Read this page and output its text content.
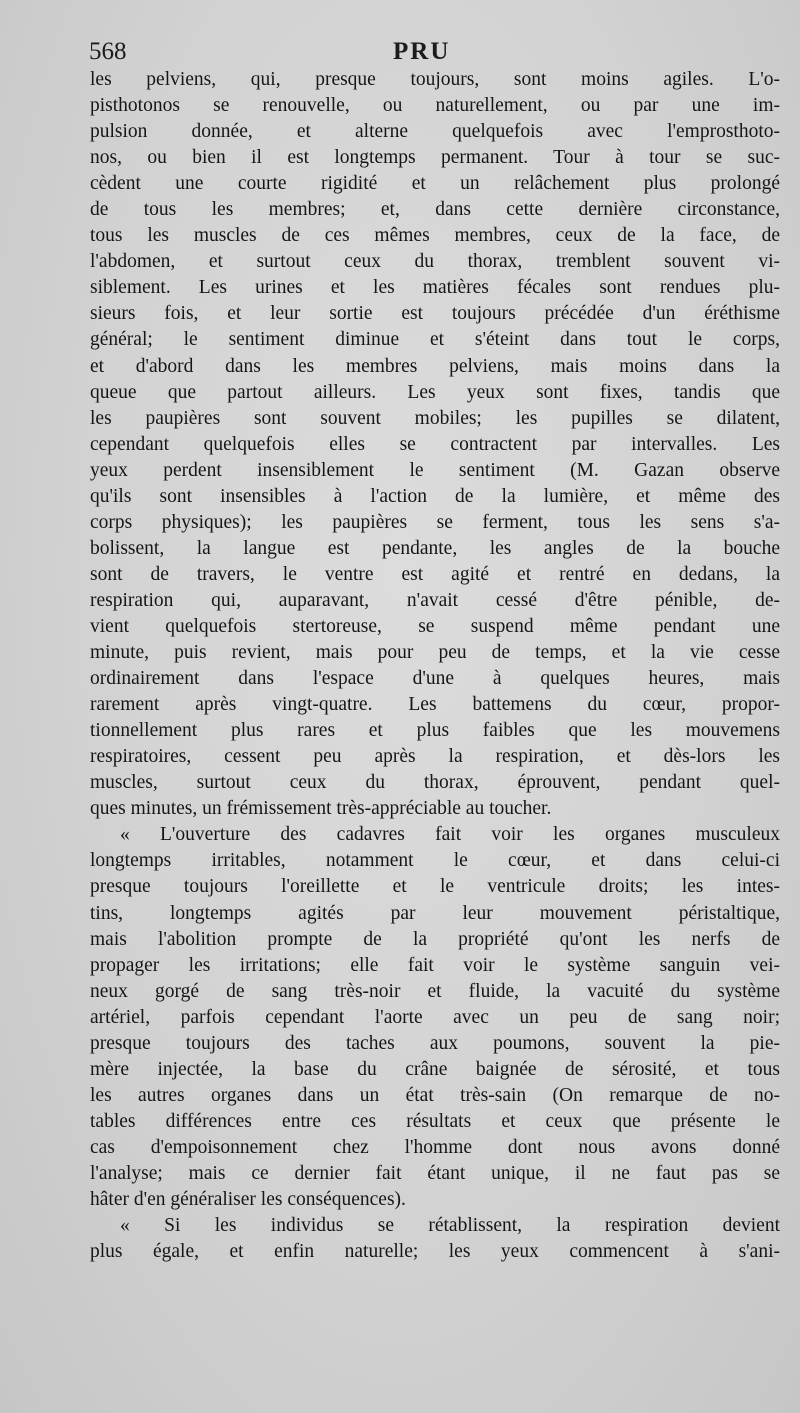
568	PRU
les pelviens, qui, presque toujours, sont moins agiles. L'o-
pisthotonos se renouvelle, ou naturellement, ou par une im-
pulsion donnée, et alterne quelquefois avec l'emprosthoto-
nos, ou bien il est longtemps permanent. Tour à tour se suc-
cèdent une courte rigidité et un relâchement plus prolongé
de tous les membres; et, dans cette dernière circonstance,
tous les muscles de ces mêmes membres, ceux de la face, de
l'abdomen, et surtout ceux du thorax, tremblent souvent vi-
siblement. Les urines et les matières fécales sont rendues plu-
sieurs fois, et leur sortie est toujours précédée d'un éréthisme
général; le sentiment diminue et s'éteint dans tout le corps,
et d'abord dans les membres pelviens, mais moins dans la
queue que partout ailleurs. Les yeux sont fixes, tandis que
les paupières sont souvent mobiles; les pupilles se dilatent,
cependant quelquefois elles se contractent par intervalles. Les
yeux perdent insensiblement le sentiment (M. Gazan observe
qu'ils sont insensibles à l'action de la lumière, et même des
corps physiques); les paupières se ferment, tous les sens s'a-
bolissent, la langue est pendante, les angles de la bouche
sont de travers, le ventre est agité et rentré en dedans, la
respiration qui, auparavant, n'avait cessé d'être pénible, de-
vient quelquefois stertoreuse, se suspend même pendant une
minute, puis revient, mais pour peu de temps, et la vie cesse
ordinairement dans l'espace d'une à quelques heures, mais
rarement après vingt-quatre. Les battemens du cœur, propor-
tionnellement plus rares et plus faibles que les mouvemens
respiratoires, cessent peu après la respiration, et dès-lors les
muscles, surtout ceux du thorax, éprouvent, pendant quel-
ques minutes, un frémissement très-appréciable au toucher.
« L'ouverture des cadavres fait voir les organes musculeux
longtemps irritables, notamment le cœur, et dans celui-ci
presque toujours l'oreillette et le ventricule droits; les intes-
tins, longtemps agités par leur mouvement péristaltique,
mais l'abolition prompte de la propriété qu'ont les nerfs de
propager les irritations; elle fait voir le système sanguin vei-
neux gorgé de sang très-noir et fluide, la vacuité du système
artériel, parfois cependant l'aorte avec un peu de sang noir;
presque toujours des taches aux poumons, souvent la pie-
mère injectée, la base du crâne baignée de sérosité, et tous
les autres organes dans un état très-sain (On remarque de no-
tables différences entre ces résultats et ceux que présente le
cas d'empoisonnement chez l'homme dont nous avons donné
l'analyse; mais ce dernier fait étant unique, il ne faut pas se
hâter d'en généraliser les conséquences).
« Si les individus se rétablissent, la respiration devient
plus égale, et enfin naturelle; les yeux commencent à s'ani-
